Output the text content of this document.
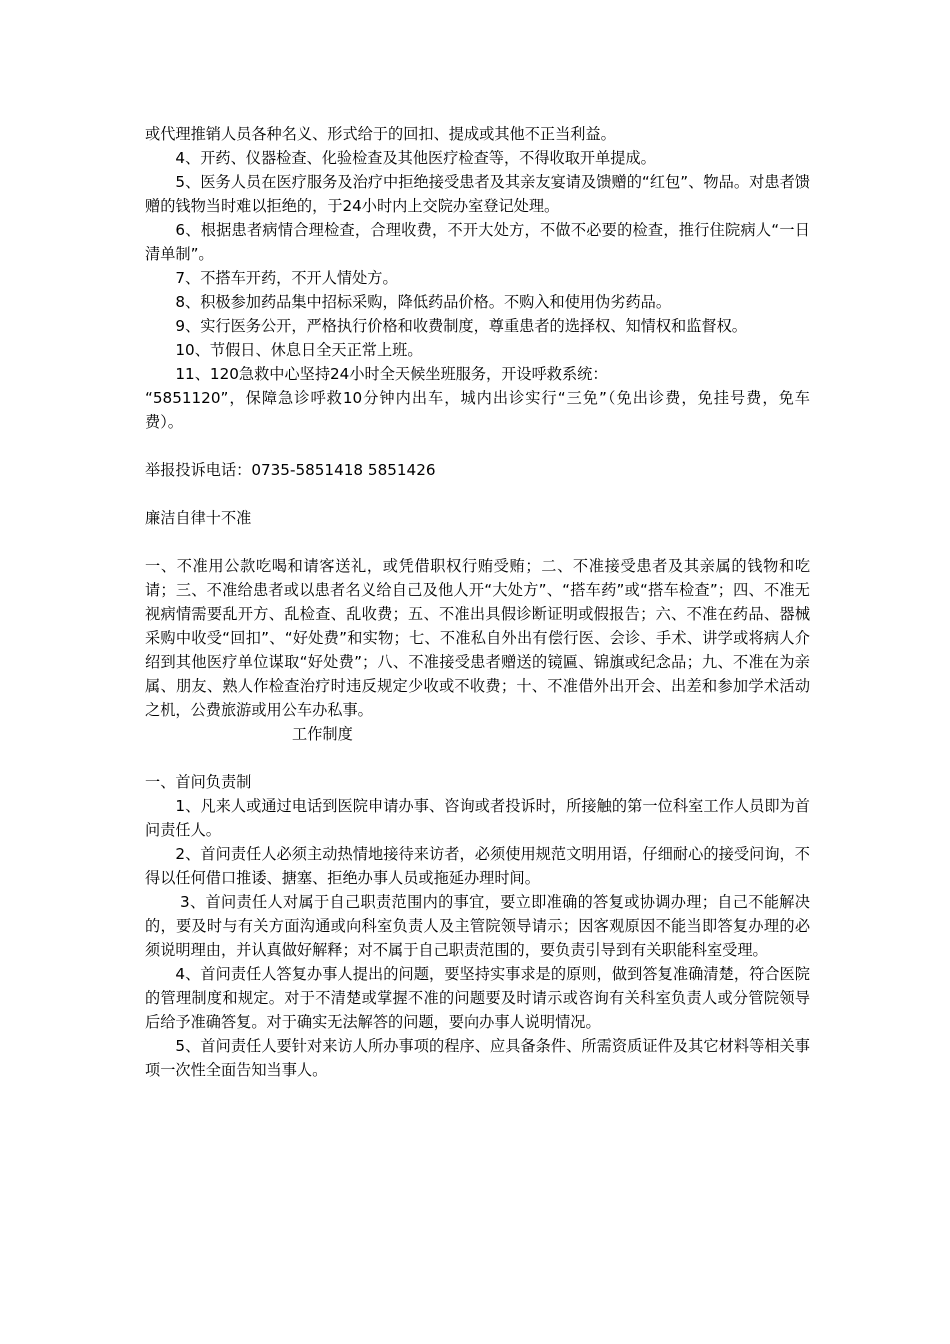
或代理推销人员各种名义、形式给于的回扣、提成或其他不正当利益。

4、开药、仪器检查、化验检查及其他医疗检查等，不得收取开单提成。

5、医务人员在医疗服务及治疗中拒绝接受患者及其亲友宴请及馈赠的“红包”、物品。对患者馈赠的钱物当时难以拒绝的，于24小时内上交院办室登记处理。

6、根据患者病情合理检查，合理收费，不开大处方，不做不必要的检查，推行住院病人“一日清单制”。

7、不搭车开药，不开人情处方。

8、积极参加药品集中招标采购，降低药品价格。不购入和使用伪劣药品。

9、实行医务公开，严格执行价格和收费制度，尊重患者的选择权、知情权和监督权。

10、节假日、休息日全天正常上班。

11、120急救中心坚持24小时全天候坐班服务，开设呼救系统：

“5851120”，保障急诊呼救10分钟内出车，城内出诊实行“三免”（免出诊费，免挂号费，免车费）。

举报投诉电话：0735-5851418 5851426

廉洁自律十不准

一、不准用公款吃喝和请客送礼，或凭借职权行贿受贿；二、不准接受患者及其亲属的钱物和吃请；三、不准给患者或以患者名义给自己及他人开“大处方”、“搭车药”或“搭车检查”；四、不准无视病情需要乱开方、乱检查、乱收费；五、不准出具假诊断证明或假报告；六、不准在药品、器械采购中收受“回扣”、“好处费”和实物；七、不准私自外出有偿行医、会诊、手术、讲学或将病人介绍到其他医疗单位谋取“好处费”；八、不准接受患者赠送的镜匾、锦旗或纪念品；九、不准在为亲属、朋友、熟人作检查治疗时违反规定少收或不收费；十、不准借外出开会、出差和参加学术活动之机，公费旅游或用公车办私事。

工作制度

一、首问负责制

1、凡来人或通过电话到医院申请办事、咨询或者投诉时，所接触的第一位科室工作人员即为首问责任人。

2、首问责任人必须主动热情地接待来访者，必须使用规范文明用语，仔细耐心的接受问询，不得以任何借口推诿、搪塞、拒绝办事人员或拖延办理时间。

3、首问责任人对属于自己职责范围内的事宜，要立即准确的答复或协调办理；自己不能解决的，要及时与有关方面沟通或向科室负责人及主管院领导请示；因客观原因不能当即答复办理的必须说明理由，并认真做好解释；对不属于自己职责范围的，要负责引导到有关职能科室受理。

4、首问责任人答复办事人提出的问题，要坚持实事求是的原则，做到答复准确清楚，符合医院的管理制度和规定。对于不清楚或掌握不准的问题要及时请示或咨询有关科室负责人或分管院领导后给予准确答复。对于确实无法解答的问题，要向办事人说明情况。

5、首问责任人要针对来访人所办事项的程序、应具备条件、所需资质证件及其它材料等相关事项一次性全面告知当事人。
